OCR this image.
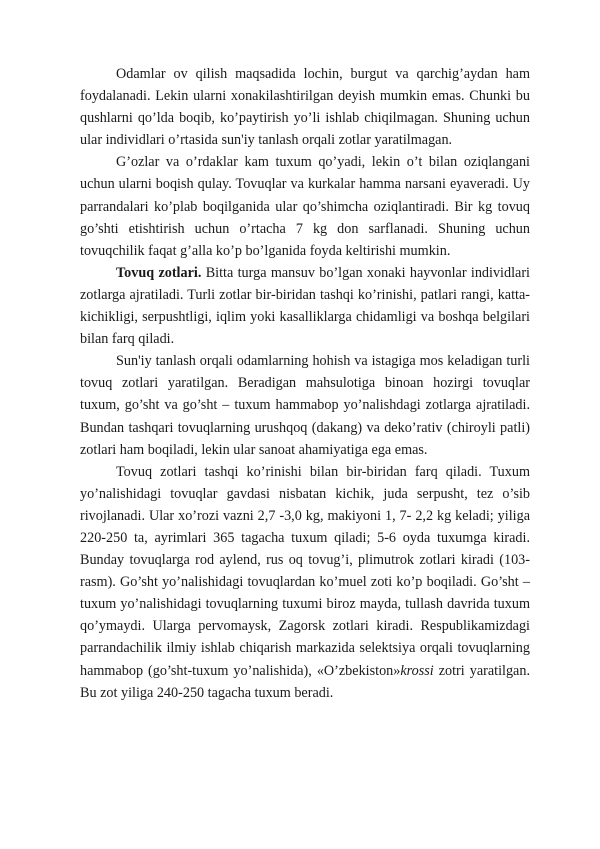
Odamlar ov qilish maqsadida lochin, burgut va qarchig’aydan ham foydalanadi. Lekin ularni xonakilashtirilgan deyish mumkin emas. Chunki bu qushlarni qo’lda boqib, ko’paytirish yo’li ishlab chiqilmagan. Shuning uchun ular individlari o’rtasida sun'iy tanlash orqali zotlar yaratilmagan.

G’ozlar va o’rdaklar kam tuxum qo’yadi, lekin o’t bilan oziqlangani uchun ularni boqish qulay. Tovuqlar va kurkalar hamma narsani eyaveradi. Uy parrandalari ko’plab boqilganida ular qo’shimcha oziqlantiradi. Bir kg tovuq go’shti etishtirish uchun o’rtacha 7 kg don sarflanadi. Shuning uchun tovuqchilik faqat g’alla ko’p bo’lganida foyda keltirishi mumkin.

Tovuq zotlari. Bitta turga mansuv bo’lgan xonaki hayvonlar individlari zotlarga ajratiladi. Turli zotlar bir-biridan tashqi ko’rinishi, patlari rangi, katta-kichikligi, serpushtligi, iqlim yoki kasalliklarga chidamligi va boshqa belgilari bilan farq qiladi.

Sun'iy tanlash orqali odamlarning hohish va istagiga mos keladigan turli tovuq zotlari yaratilgan. Beradigan mahsulotiga binoan hozirgi tovuqlar tuxum, go’sht va go’sht – tuxum hammabop yo’nalishdagi zotlarga ajratiladi. Bundan tashqari tovuqlarning urushqoq (dakang) va deko’rativ (chiroyli patli) zotlari ham boqiladi, lekin ular sanoat ahamiyatiga ega emas.

Tovuq zotlari tashqi ko’rinishi bilan bir-biridan farq qiladi. Tuxum yo’nalishidagi tovuqlar gavdasi nisbatan kichik, juda serpusht, tez o’sib rivojlanadi. Ular xo’rozi vazni 2,7 -3,0 kg, makiyoni 1, 7- 2,2 kg keladi; yiliga 220-250 ta, ayrimlari 365 tagacha tuxum qiladi; 5-6 oyda tuxumga kiradi. Bunday tovuqlarga rod aylend, rus oq tovug’i, plimutrok zotlari kiradi (103-rasm). Go’sht yo’nalishidagi tovuqlardan ko’muel zoti ko’p boqiladi. Go’sht – tuxum yo’nalishidagi tovuqlarning tuxumi biroz mayda, tullash davrida tuxum qo’ymaydi. Ularga pervomaysk, Zagorsk zotlari kiradi. Respublikamizdagi parrandachilik ilmiy ishlab chiqarish markazida selektsiya orqali tovuqlarning hammabop (go’sht-tuxum yo’nalishida), «O’zbekiston»krossi zotri yaratilgan. Bu zot yiliga 240-250 tagacha tuxum beradi.
